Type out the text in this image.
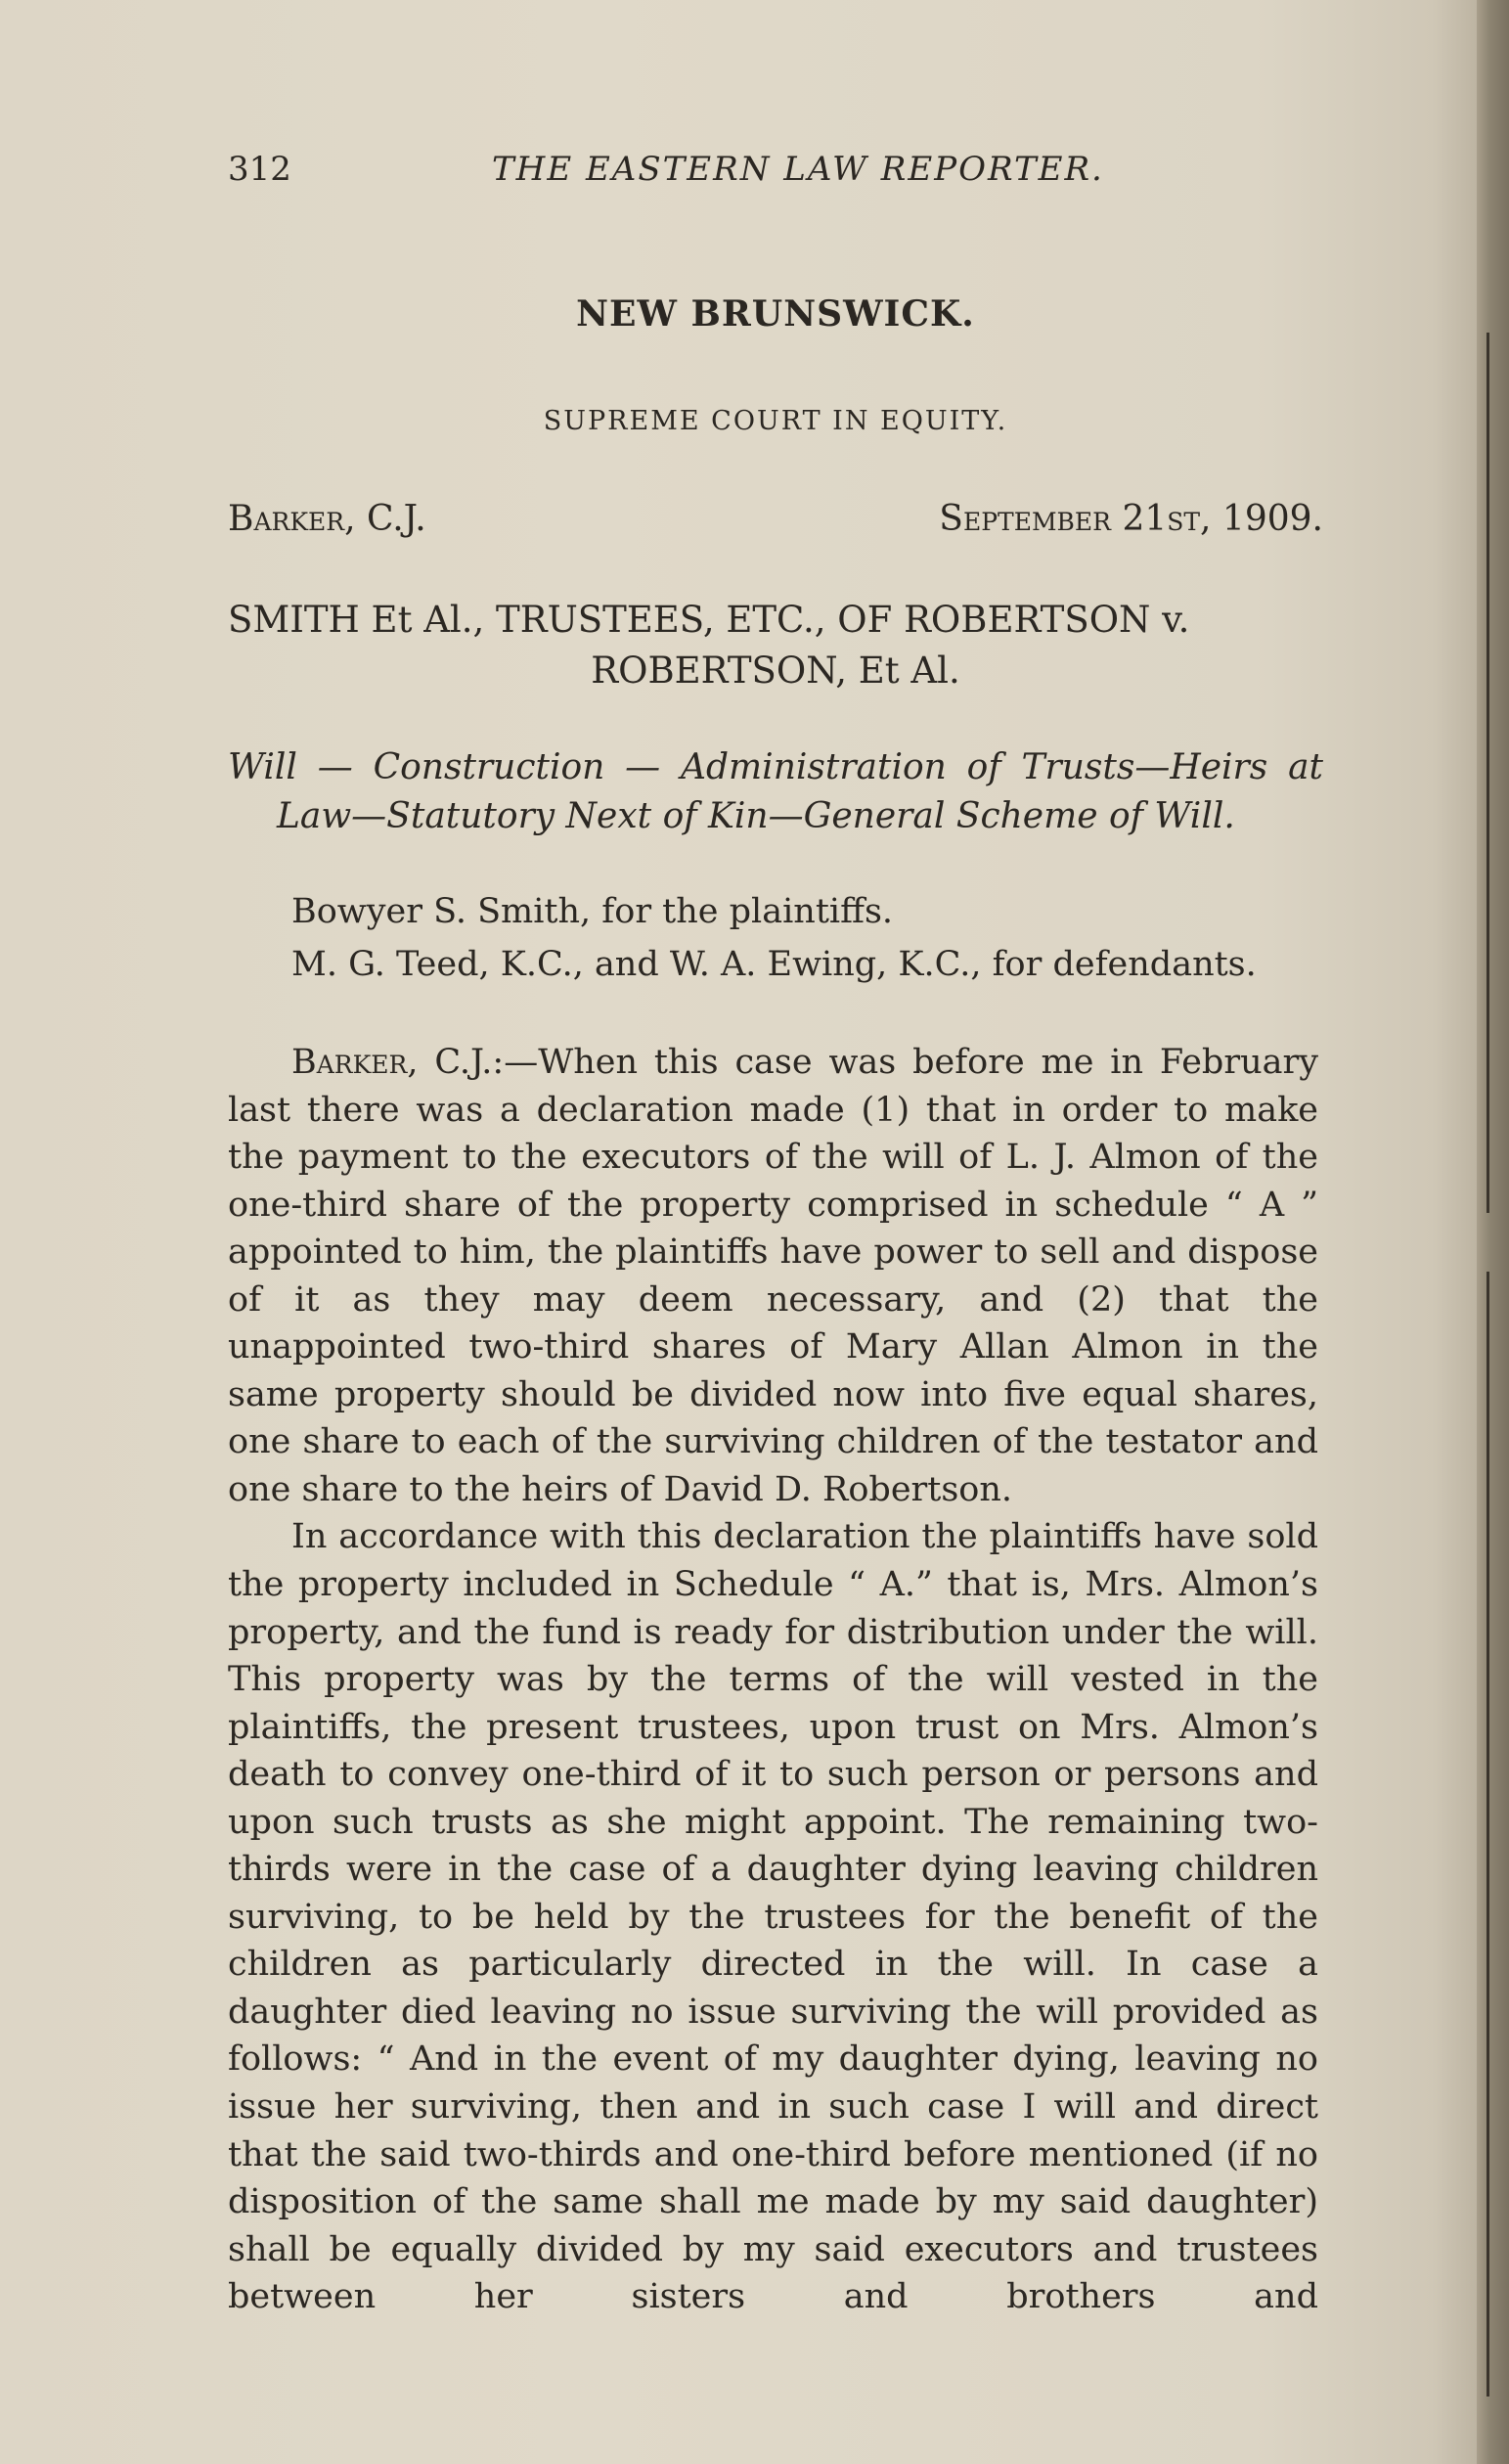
312	THE EASTERN LAW REPORTER.
NEW BRUNSWICK.
SUPREME COURT IN EQUITY.
Barker, C.J.	September 21st, 1909.
SMITH Et Al., TRUSTEES, ETC., OF ROBERTSON v.
ROBERTSON, Et Al.
Will — Construction — Administration of Trusts—Heirs at
Law—Statutory Next of Kin—General Scheme of Will.
Bowyer S. Smith, for the plaintiffs.
M. G. Teed, K.C., and W. A. Ewing, K.C., for defendants.

Barker, C.J.:—When this case was before me in February last there was a declaration made (1) that in order to make the payment to the executors of the will of L. J. Almon of the one-third share of the property comprised in schedule “ A ” appointed to him, the plaintiffs have power to sell and dispose of it as they may deem necessary, and (2) that the unappointed two-third shares of Mary Allan Almon in the same property should be divided now into five equal shares, one share to each of the surviving children of the testator and one share to the heirs of David D. Robertson.

In accordance with this declaration the plaintiffs have sold the property included in Schedule “ A.” that is, Mrs. Almon’s property, and the fund is ready for distribution under the will. This property was by the terms of the will vested in the plaintiffs, the present trustees, upon trust on Mrs. Almon’s death to convey one-third of it to such person or persons and upon such trusts as she might appoint. The remaining two-thirds were in the case of a daughter dying leaving children surviving, to be held by the trustees for the benefit of the children as particularly directed in the will. In case a daughter died leaving no issue surviving the will provided as follows: “ And in the event of my daughter dying, leaving no issue her surviving, then and in such case I will and direct that the said two-thirds and one-third before mentioned (if no disposition of the same shall me made by my said daughter) shall be equally divided by my said executors and trustees between her sisters and brothers and
